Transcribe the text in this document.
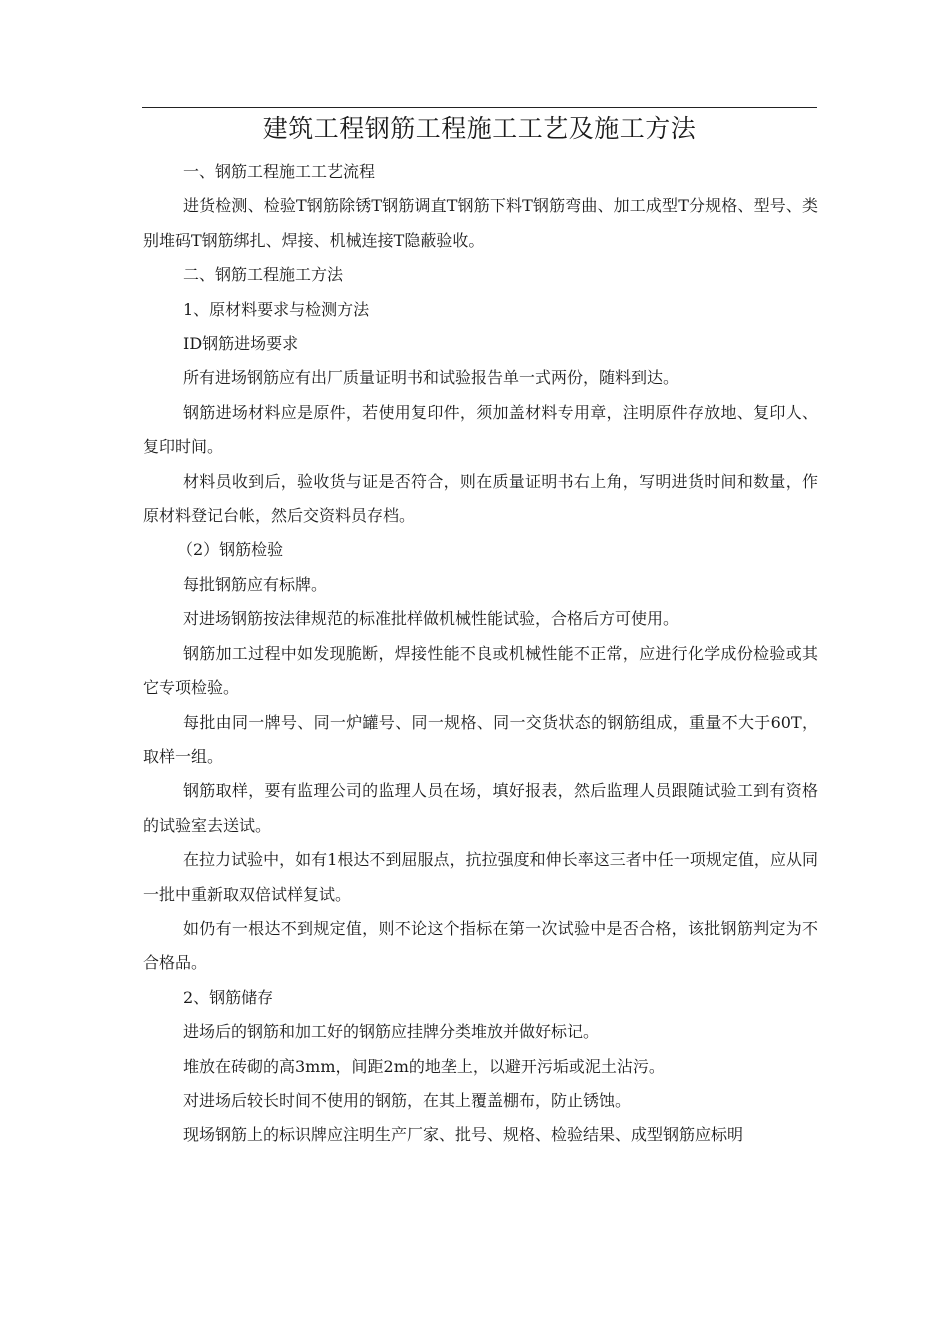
建筑工程钢筋工程施工工艺及施工方法

一、钢筋工程施工工艺流程

进货检测、检验T钢筋除锈T钢筋调直T钢筋下料T钢筋弯曲、加工成型T分规格、型号、类别堆码T钢筋绑扎、焊接、机械连接T隐蔽验收。

二、钢筋工程施工方法

1、原材料要求与检测方法

ID钢筋进场要求

所有进场钢筋应有出厂质量证明书和试验报告单一式两份，随料到达。

钢筋进场材料应是原件，若使用复印件，须加盖材料专用章，注明原件存放地、复印人、复印时间。

材料员收到后，验收货与证是否符合，则在质量证明书右上角，写明进货时间和数量，作原材料登记台帐，然后交资料员存档。

（2）钢筋检验

每批钢筋应有标牌。

对进场钢筋按法律规范的标准批样做机械性能试验，合格后方可使用。

钢筋加工过程中如发现脆断，焊接性能不良或机械性能不正常，应进行化学成份检验或其它专项检验。

每批由同一牌号、同一炉罐号、同一规格、同一交货状态的钢筋组成，重量不大于60T，取样一组。

钢筋取样，要有监理公司的监理人员在场，填好报表，然后监理人员跟随试验工到有资格的试验室去送试。

在拉力试验中，如有1根达不到屈服点，抗拉强度和伸长率这三者中任一项规定值，应从同一批中重新取双倍试样复试。

如仍有一根达不到规定值，则不论这个指标在第一次试验中是否合格，该批钢筋判定为不合格品。

2、钢筋储存

进场后的钢筋和加工好的钢筋应挂牌分类堆放并做好标记。

堆放在砖砌的高3mm，间距2m的地垄上，以避开污垢或泥土沾污。

对进场后较长时间不使用的钢筋，在其上覆盖棚布，防止锈蚀。

现场钢筋上的标识牌应注明生产厂家、批号、规格、检验结果、成型钢筋应标明
